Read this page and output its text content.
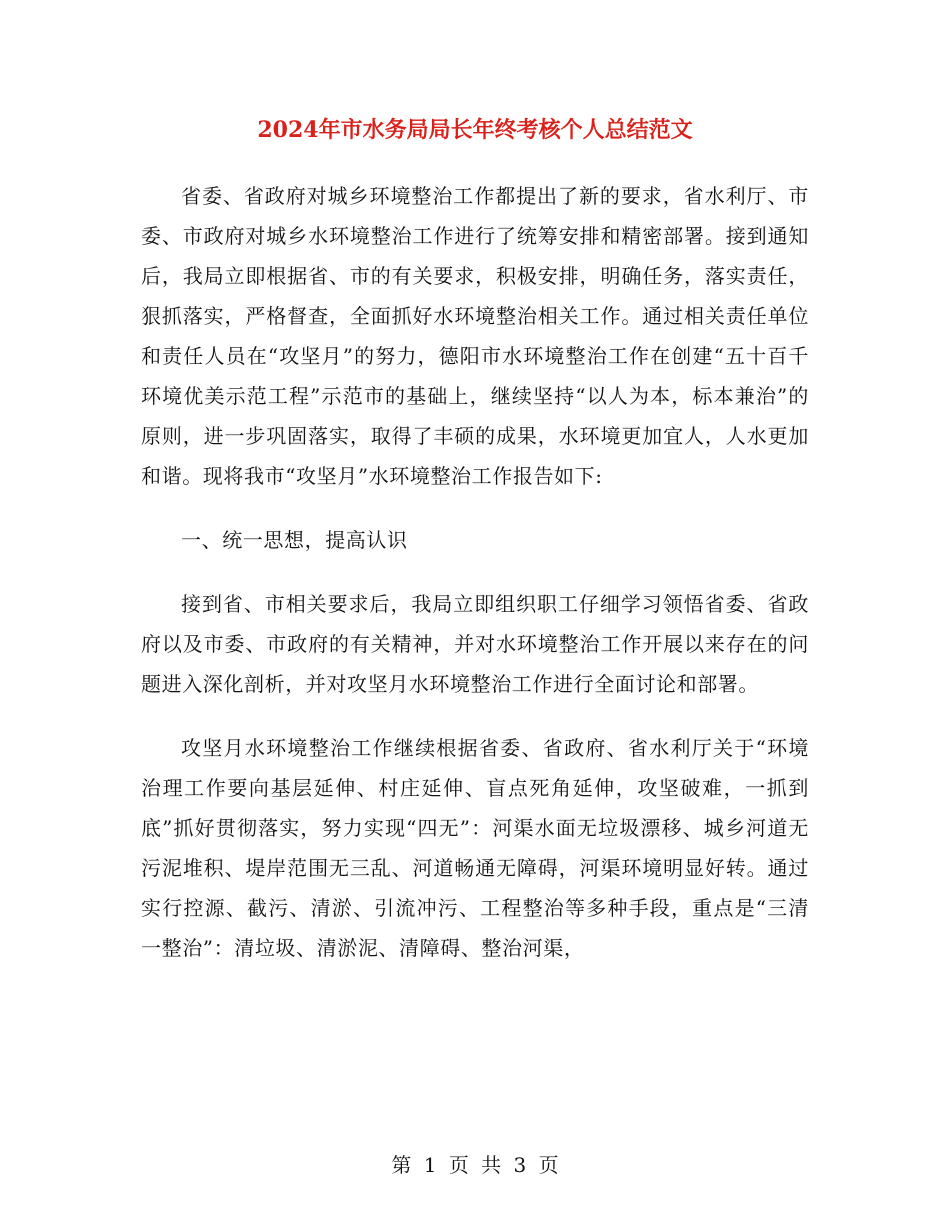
2024年市水务局局长年终考核个人总结范文

省委、省政府对城乡环境整治工作都提出了新的要求，省水利厅、市委、市政府对城乡水环境整治工作进行了统筹安排和精密部署。接到通知后，我局立即根据省、市的有关要求，积极安排，明确任务，落实责任，狠抓落实，严格督查，全面抓好水环境整治相关工作。通过相关责任单位和责任人员在“攻坚月”的努力，德阳市水环境整治工作在创建“五十百千环境优美示范工程”示范市的基础上，继续坚持“以人为本，标本兼治”的原则，进一步巩固落实，取得了丰硕的成果，水环境更加宜人，人水更加和谐。现将我市“攻坚月”水环境整治工作报告如下:

一、统一思想，提高认识

接到省、市相关要求后，我局立即组织职工仔细学习领悟省委、省政府以及市委、市政府的有关精神，并对水环境整治工作开展以来存在的问题进入深化剖析，并对攻坚月水环境整治工作进行全面讨论和部署。

攻坚月水环境整治工作继续根据省委、省政府、省水利厅关于“环境治理工作要向基层延伸、村庄延伸、盲点死角延伸，攻坚破难，一抓到底”抓好贯彻落实，努力实现“四无”：河渠水面无垃圾漂移、城乡河道无污泥堆积、堤岸范围无三乱、河道畅通无障碍，河渠环境明显好转。通过实行控源、截污、清淤、引流冲污、工程整治等多种手段，重点是“三清一整治”：清垃圾、清淤泥、清障碍、整治河渠，

第 1 页 共 3 页
